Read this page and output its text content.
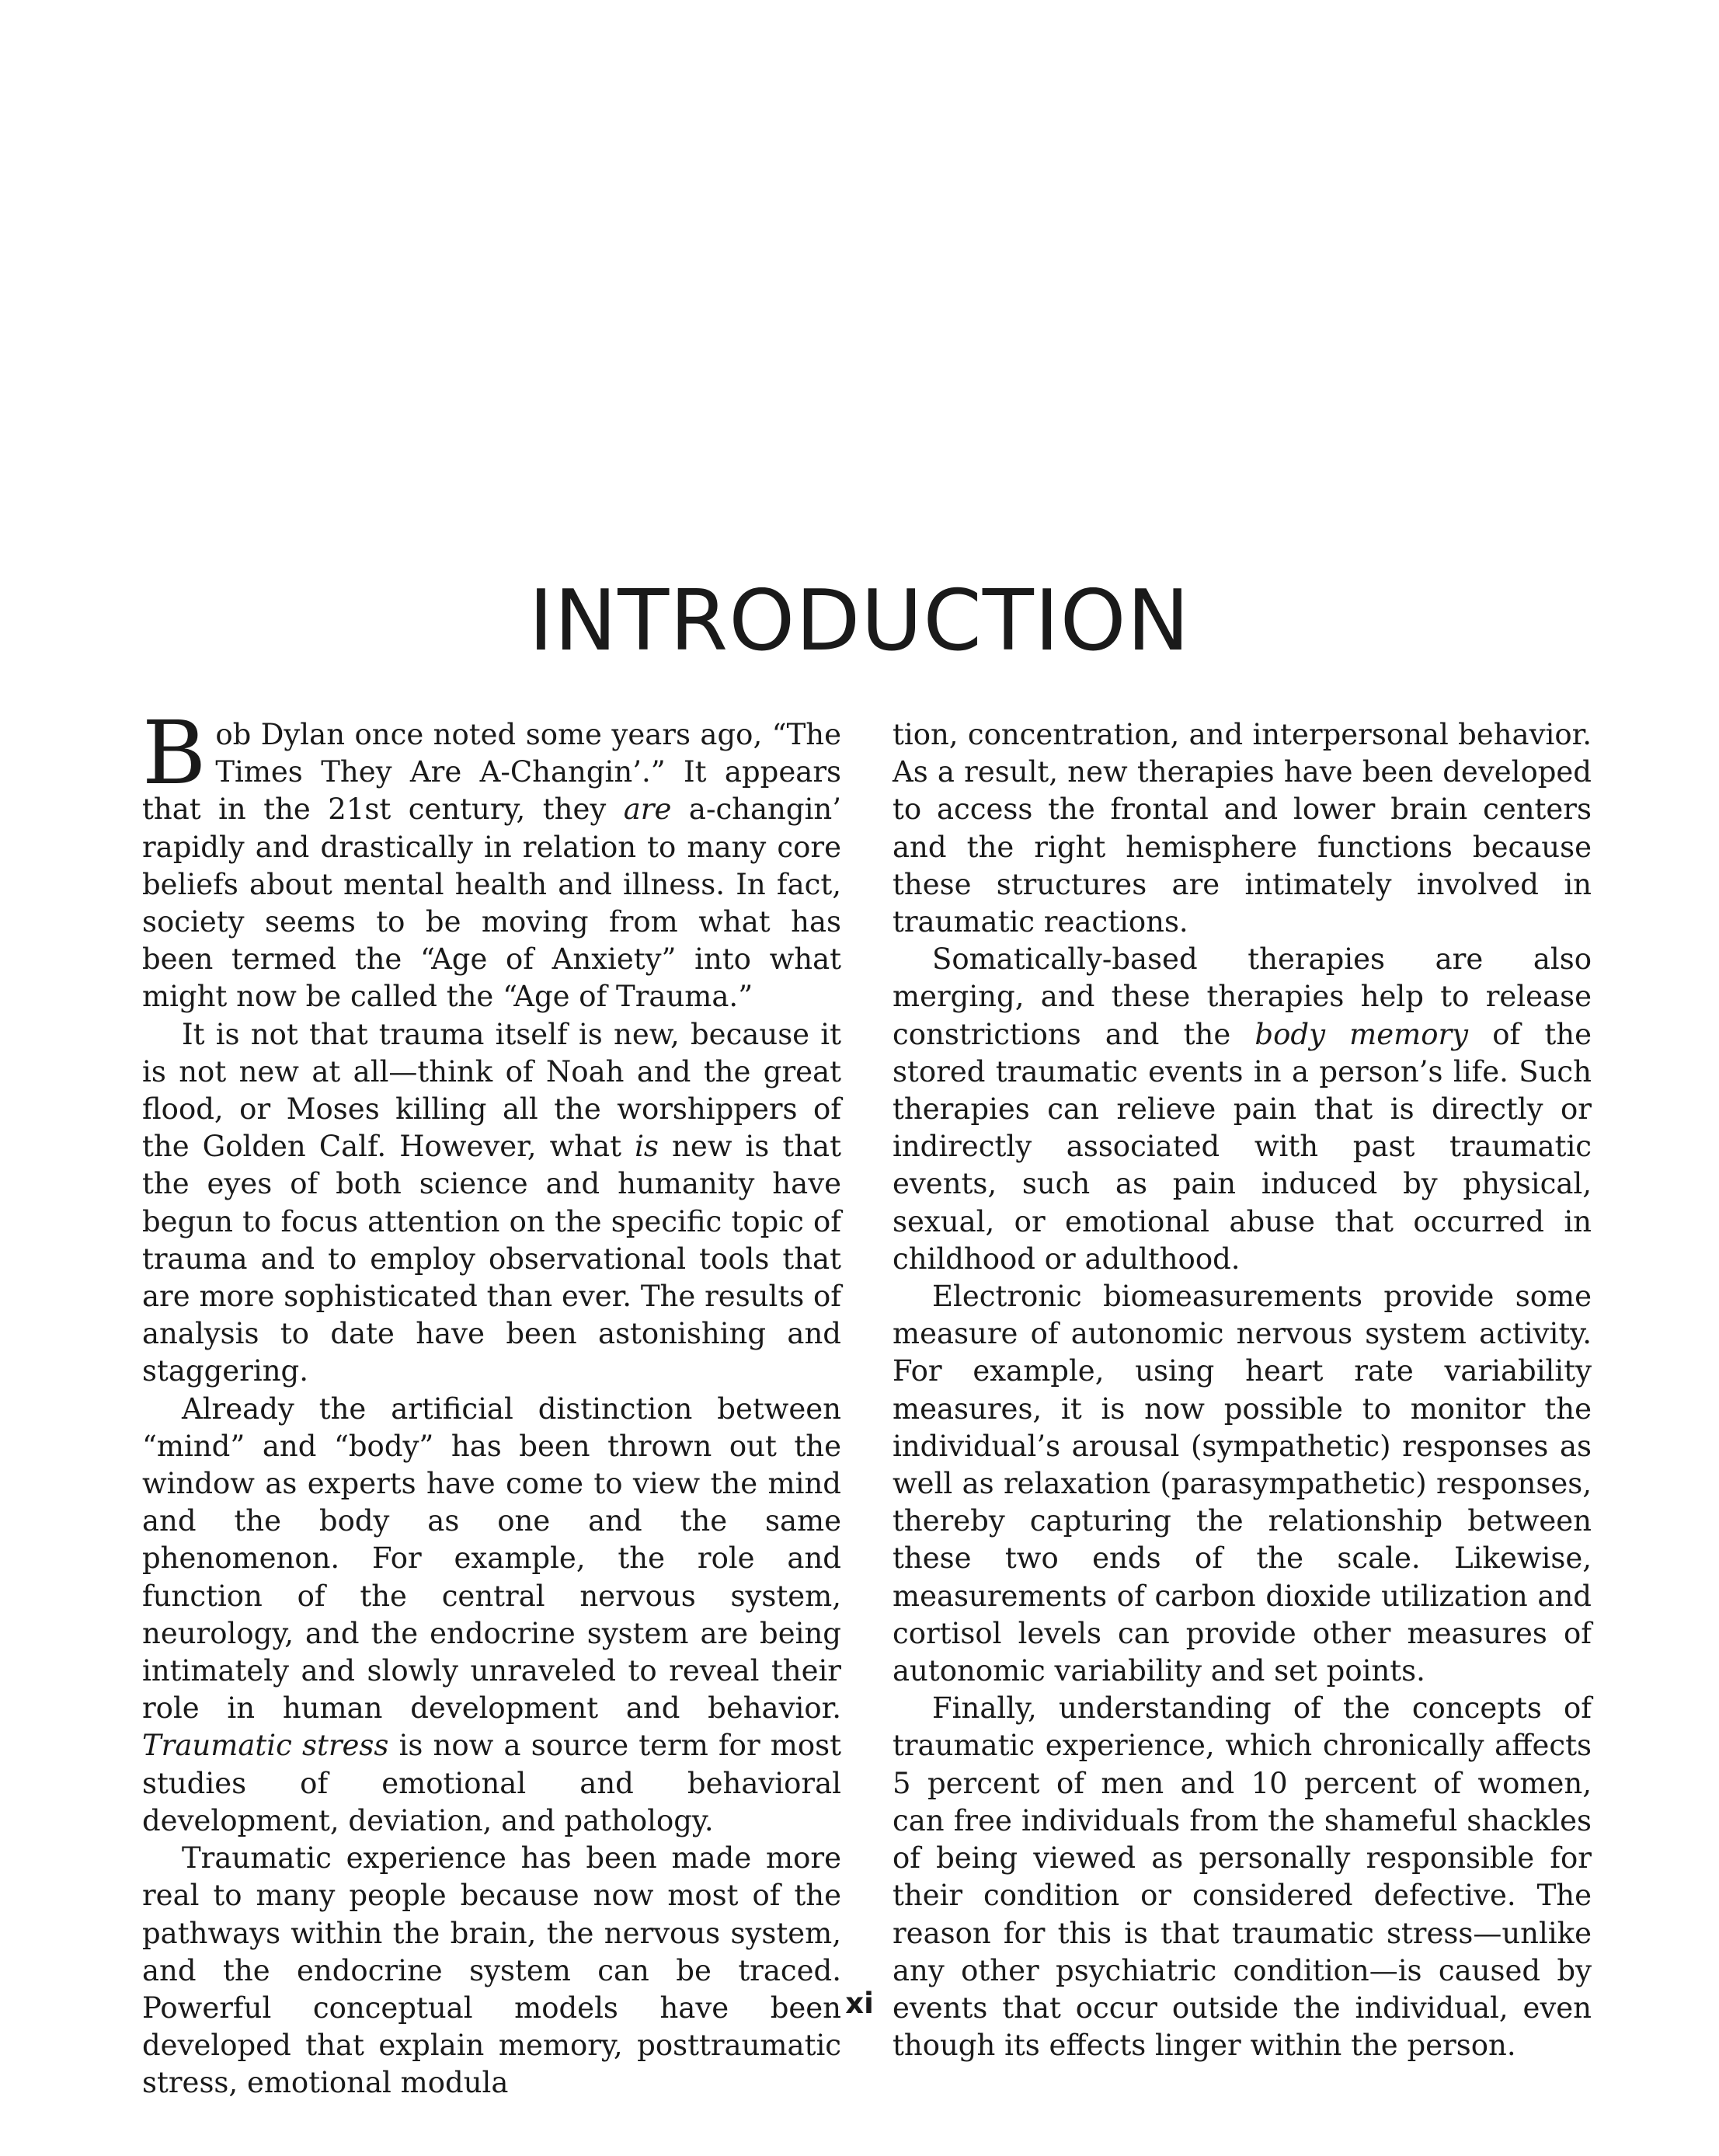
INTRODUCTION

Bob Dylan once noted some years ago, “The Times They Are A-Changin’.” It appears that in the 21st century, they are a-changin’ rapidly and drastically in relation to many core beliefs about mental health and illness. In fact, society seems to be moving from what has been termed the “Age of Anxiety” into what might now be called the “Age of Trauma.”

It is not that trauma itself is new, because it is not new at all—think of Noah and the great flood, or Moses killing all the worshippers of the Golden Calf. However, what is new is that the eyes of both science and humanity have begun to focus attention on the specific topic of trauma and to employ observational tools that are more sophisticated than ever. The results of analysis to date have been astonishing and staggering.

Already the artificial distinction between “mind” and “body” has been thrown out the window as experts have come to view the mind and the body as one and the same phenomenon. For example, the role and function of the central nervous system, neurology, and the endocrine system are being intimately and slowly unraveled to reveal their role in human development and behavior. Traumatic stress is now a source term for most studies of emotional and behavioral development, deviation, and pathology.

Traumatic experience has been made more real to many people because now most of the pathways within the brain, the nervous system, and the endocrine system can be traced. Powerful conceptual models have been developed that explain memory, posttraumatic stress, emotional modula

tion, concentration, and interpersonal behavior. As a result, new therapies have been developed to access the frontal and lower brain centers and the right hemisphere functions because these structures are intimately involved in traumatic reactions.

Somatically-based therapies are also merging, and these therapies help to release constrictions and the body memory of the stored traumatic events in a person’s life. Such therapies can relieve pain that is directly or indirectly associated with past traumatic events, such as pain induced by physical, sexual, or emotional abuse that occurred in childhood or adulthood.

Electronic biomeasurements provide some measure of autonomic nervous system activity. For example, using heart rate variability measures, it is now possible to monitor the individual’s arousal (sympathetic) responses as well as relaxation (parasympathetic) responses, thereby capturing the relationship between these two ends of the scale. Likewise, measurements of carbon dioxide utilization and cortisol levels can provide other measures of autonomic variability and set points.

Finally, understanding of the concepts of traumatic experience, which chronically affects 5 percent of men and 10 percent of women, can free individuals from the shameful shackles of being viewed as personally responsible for their condition or considered defective. The reason for this is that traumatic stress—unlike any other psychiatric condition—is caused by events that occur outside the individual, even though its effects linger within the person.

xi
